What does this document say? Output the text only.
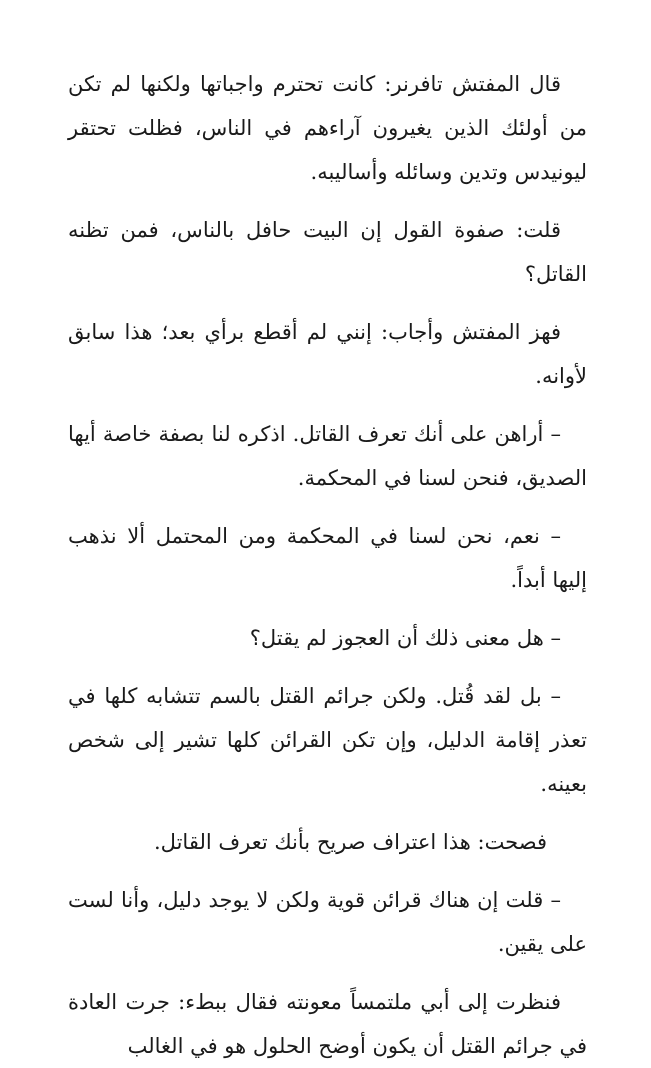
قال المفتش تافرنر: كانت تحترم واجباتها ولكنها لم تكن من أولئك الذين يغيرون آراءهم في الناس، فظلت تحتقر ليونيدس وتدين وسائله وأساليبه.

قلت: صفوة القول إن البيت حافل بالناس، فمن تظنه القاتل؟

فهز المفتش وأجاب: إنني لم أقطع برأي بعد؛ هذا سابق لأوانه.

– أراهن على أنك تعرف القاتل. اذكره لنا بصفة خاصة أيها الصديق، فنحن لسنا في المحكمة.

– نعم، نحن لسنا في المحكمة ومن المحتمل ألا نذهب إليها أبداً.

– هل معنى ذلك أن العجوز لم يقتل؟

– بل لقد قُتل. ولكن جرائم القتل بالسم تتشابه كلها في تعذر إقامة الدليل، وإن تكن القرائن كلها تشير إلى شخص بعينه.

فصحت: هذا اعتراف صريح بأنك تعرف القاتل.

– قلت إن هناك قرائن قوية ولكن لا يوجد دليل، وأنا لست على يقين.

فنظرت إلى أبي ملتمساً معونته فقال ببطء: جرت العادة في جرائم القتل أن يكون أوضح الحلول هو في الغالب
